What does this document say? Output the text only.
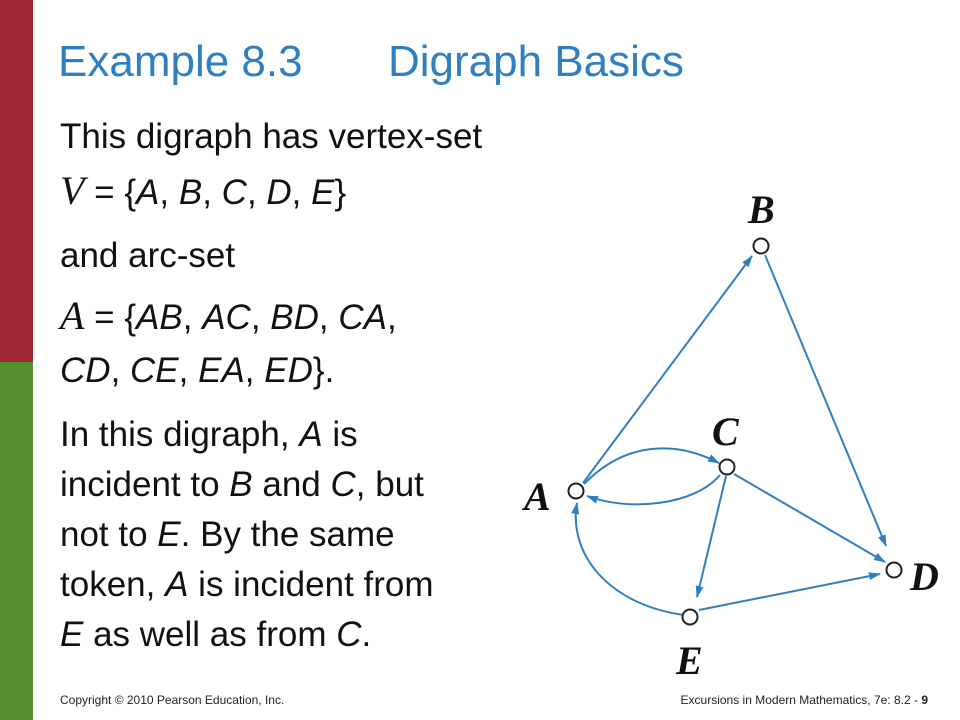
Example 8.3 Digraph Basics
This digraph has vertex-set
V = {A, B, C, D, E}
and arc-set
A = {AB, AC, BD, CA,
CD, CE, EA, ED}.
In this digraph, A is
incident to B and C, but
not to E. By the same
token, A is incident from
E as well as from C.
B
C
A
D
E
Copyright © 2010 Pearson Education, Inc.	Excursions in Modern Mathematics, 7e: 8.2 - 9
